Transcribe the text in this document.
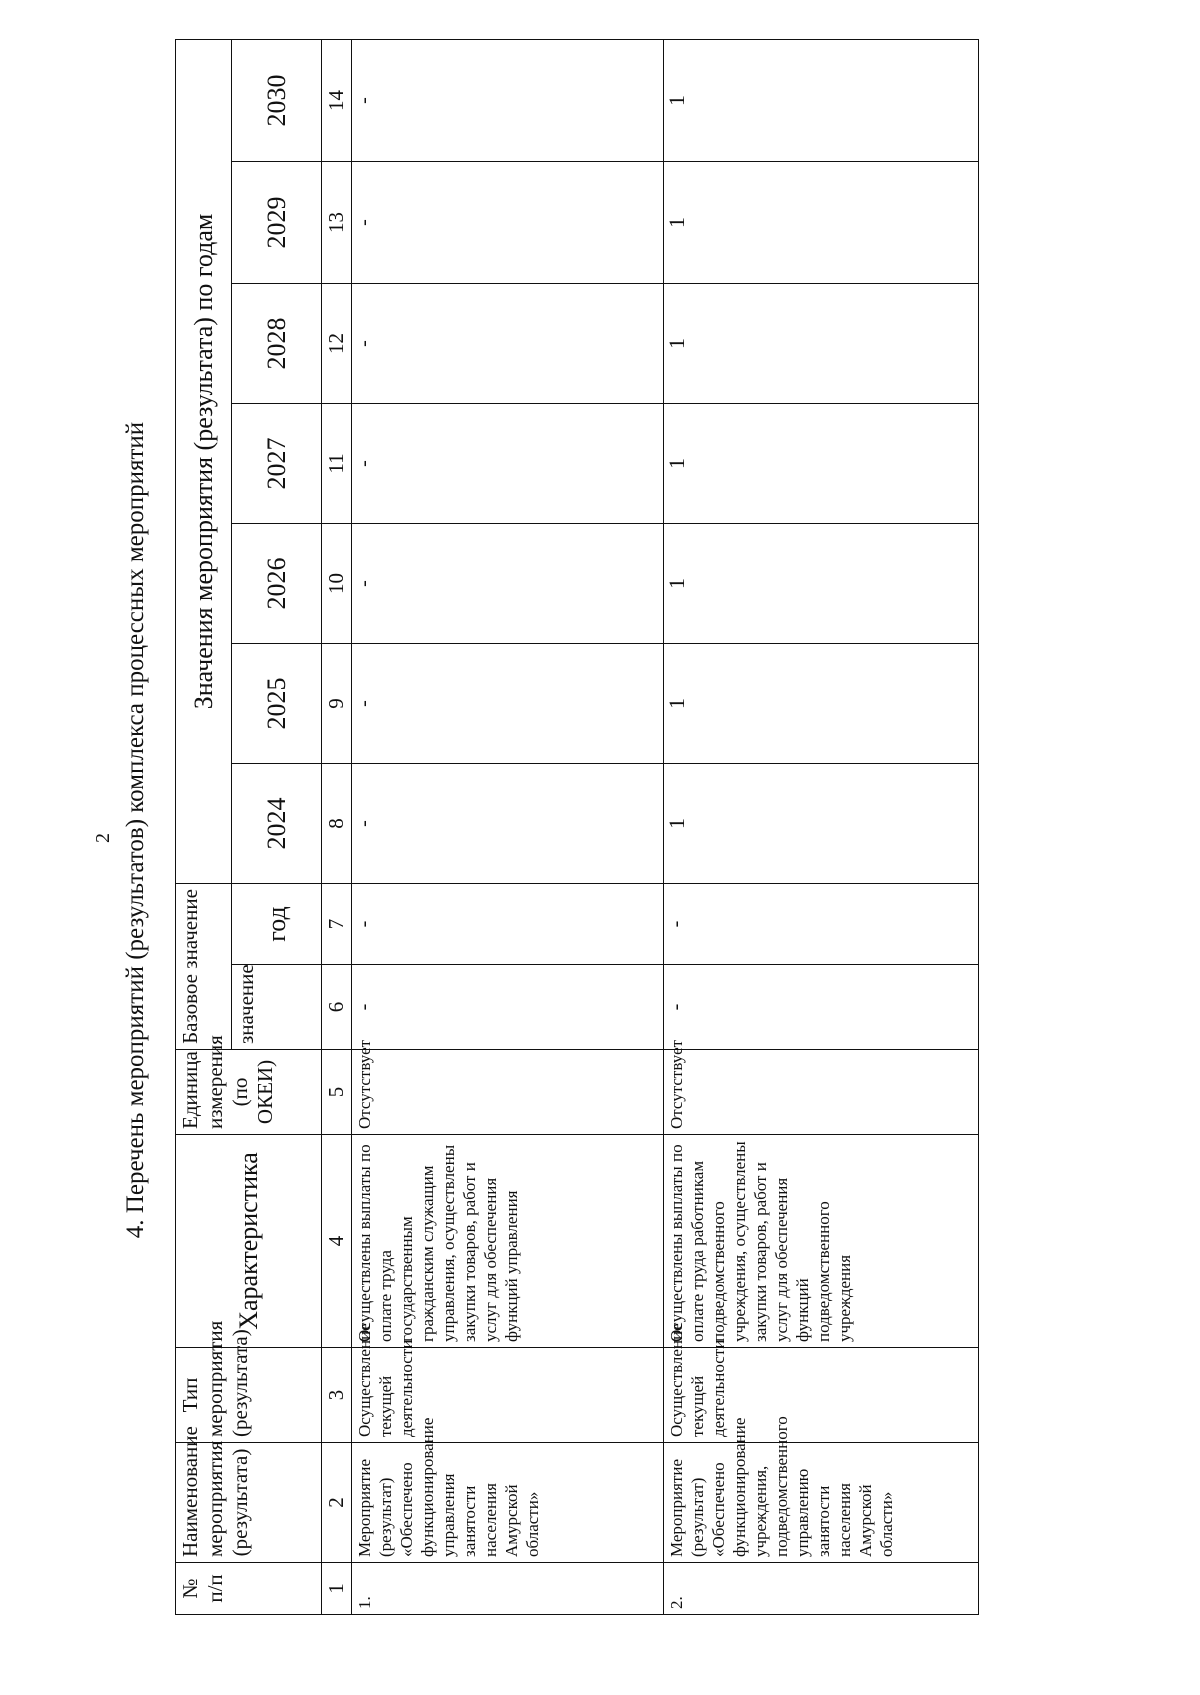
2 4. Перечень мероприятий (результатов) комплекса процессных мероприятий
№ п/п	Наименование мероприятия (результата)	Тип мероприятия (результата)	Характеристика	Единица измерения (по ОКЕИ)	Базовое значение		Значения мероприятия (результата) по годам						
					значение	год	2024	2025	2026	2027	2028	2029	2030
1	2	3	4	5	6	7	8	9	10	11	12	13	14
1.	Мероприятие (результат) «Обеспечено функционирование управления занятости населения Амурской области»	Осуществление текущей деятельности	Осуществлены выплаты по оплате труда государственным гражданским служащим управления, осуществлены закупки товаров, работ и услуг для обеспечения функций управления	Отсутствует	-	-	-	-	-	-	-	-	-
2.	Мероприятие (результат) «Обеспечено функционирование учреждения, подведомственного управлению занятости населения Амурской области»	Осуществление текущей деятельности	Осуществлены выплаты по оплате труда работникам подведомственного учреждения, осуществлены закупки товаров, работ и услуг для обеспечения функций подведомственного учреждения	Отсутствует	-	-	1	1	1	1	1	1	1
